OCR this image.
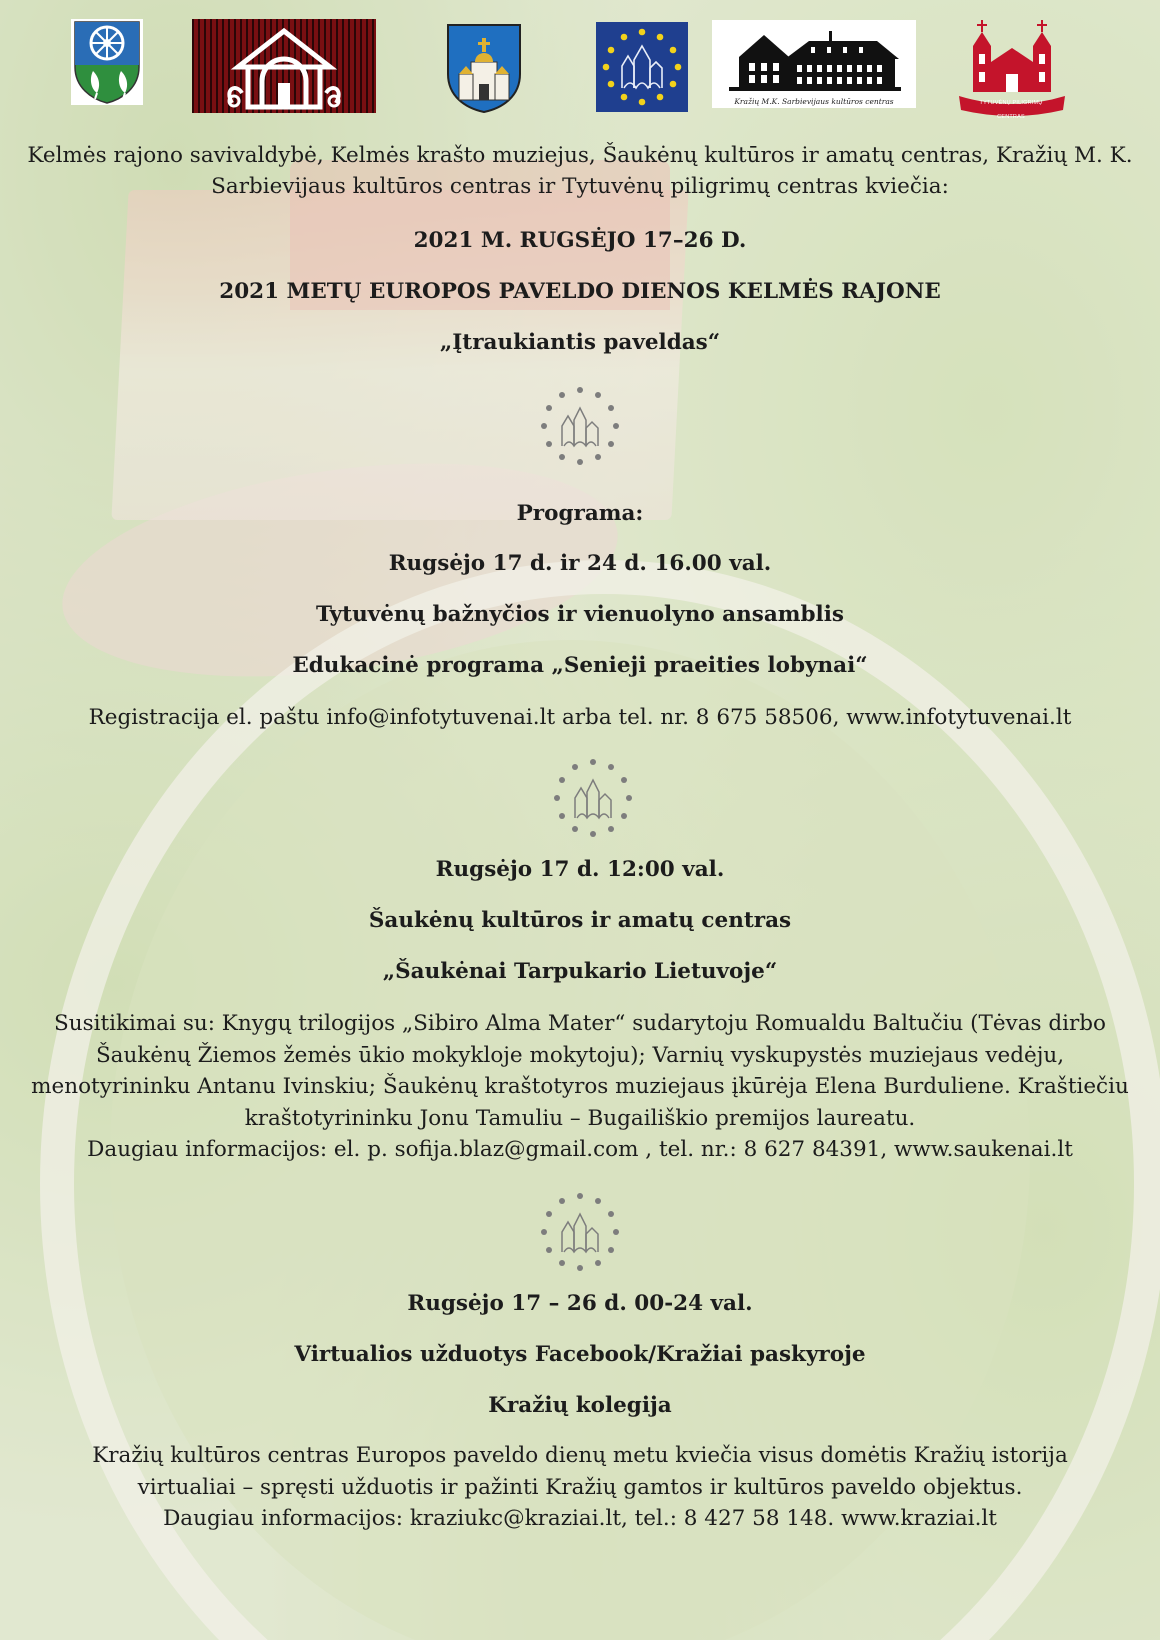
Kražių M.K. Sarbievijaus kultūros centras	TYTUVĖNŲ PILIGRIMŲ CENTRAS
Kelmės rajono savivaldybė, Kelmės krašto muziejus, Šaukėnų kultūros ir amatų centras, Kražių M. K.
Sarbievijaus kultūros centras ir Tytuvėnų piligrimų centras kviečia:
2021 M. RUGSĖJO 17–26 D.
2021 METŲ EUROPOS PAVELDO DIENOS KELMĖS RAJONE
„Įtraukiantis paveldas“
Programa:
Rugsėjo 17 d. ir 24 d. 16.00 val.
Tytuvėnų bažnyčios ir vienuolyno ansamblis
Edukacinė programa „Senieji praeities lobynai“
Registracija el. paštu info@infotytuvenai.lt arba tel. nr. 8 675 58506, www.infotytuvenai.lt
Rugsėjo 17 d. 12:00 val.
Šaukėnų kultūros ir amatų centras
„Šaukėnai Tarpukario Lietuvoje“
Susitikimai su: Knygų trilogijos „Sibiro Alma Mater“ sudarytoju Romualdu Baltučiu (Tėvas dirbo Šaukėnų Žiemos žemės ūkio mokykloje mokytoju); Varnių vyskupystės muziejaus vedėju, menotyrininku Antanu Ivinskiu; Šaukėnų kraštotyros muziejaus įkūrėja Elena Burduliene. Kraštiečiu kraštotyrininku Jonu Tamuliu – Bugailiškio premijos laureatu.
Daugiau informacijos: el. p. sofija.blaz@gmail.com , tel. nr.: 8 627 84391, www.saukenai.lt
Rugsėjo 17 – 26 d. 00-24 val.
Virtualios užduotys Facebook/Kražiai paskyroje
Kražių kolegija
Kražių kultūros centras Europos paveldo dienų metu kviečia visus domėtis Kražių istorija virtualiai – spręsti užduotis ir pažinti Kražių gamtos ir kultūros paveldo objektus.
Daugiau informacijos: kraziukc@kraziai.lt, tel.: 8 427 58 148. www.kraziai.lt
